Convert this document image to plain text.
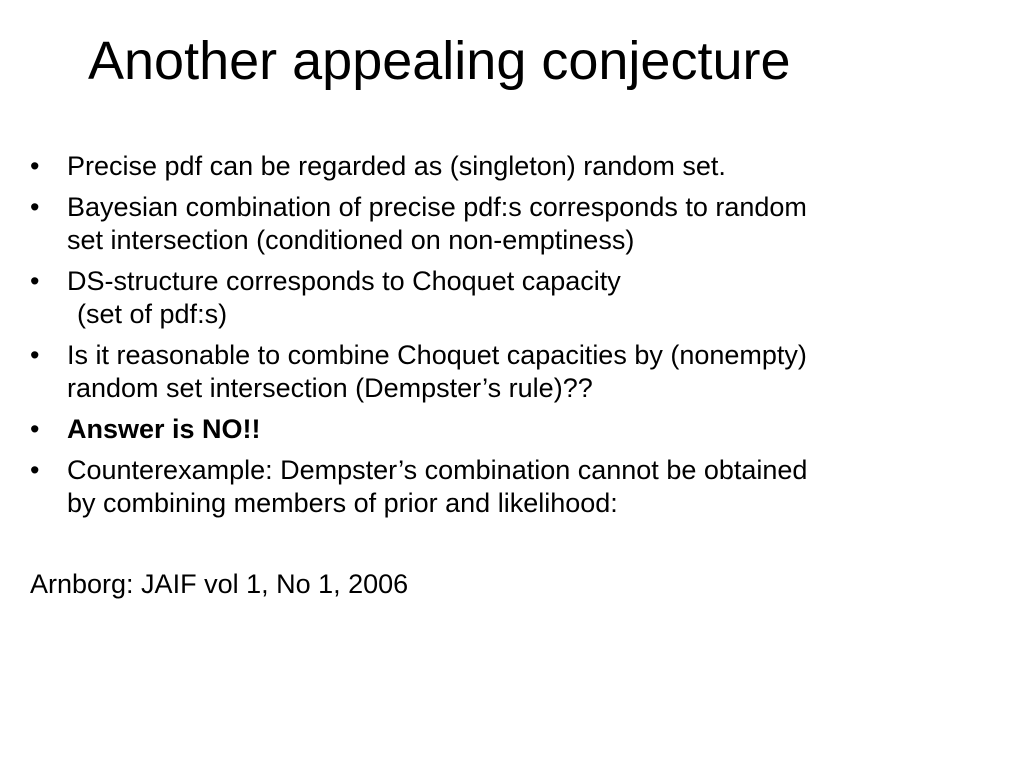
Another appealing conjecture
• Precise pdf can be regarded as (singleton) random set.
• Bayesian combination of precise pdf:s corresponds to random
set intersection (conditioned on non-emptiness)
• DS-structure corresponds to Choquet capacity
(set of pdf:s)
• Is it reasonable to combine Choquet capacities by (nonempty)
random set intersection (Dempster’s rule)??
• Answer is NO!!
• Counterexample: Dempster’s combination cannot be obtained
by combining members of prior and likelihood:

Arnborg: JAIF vol 1, No 1, 2006
